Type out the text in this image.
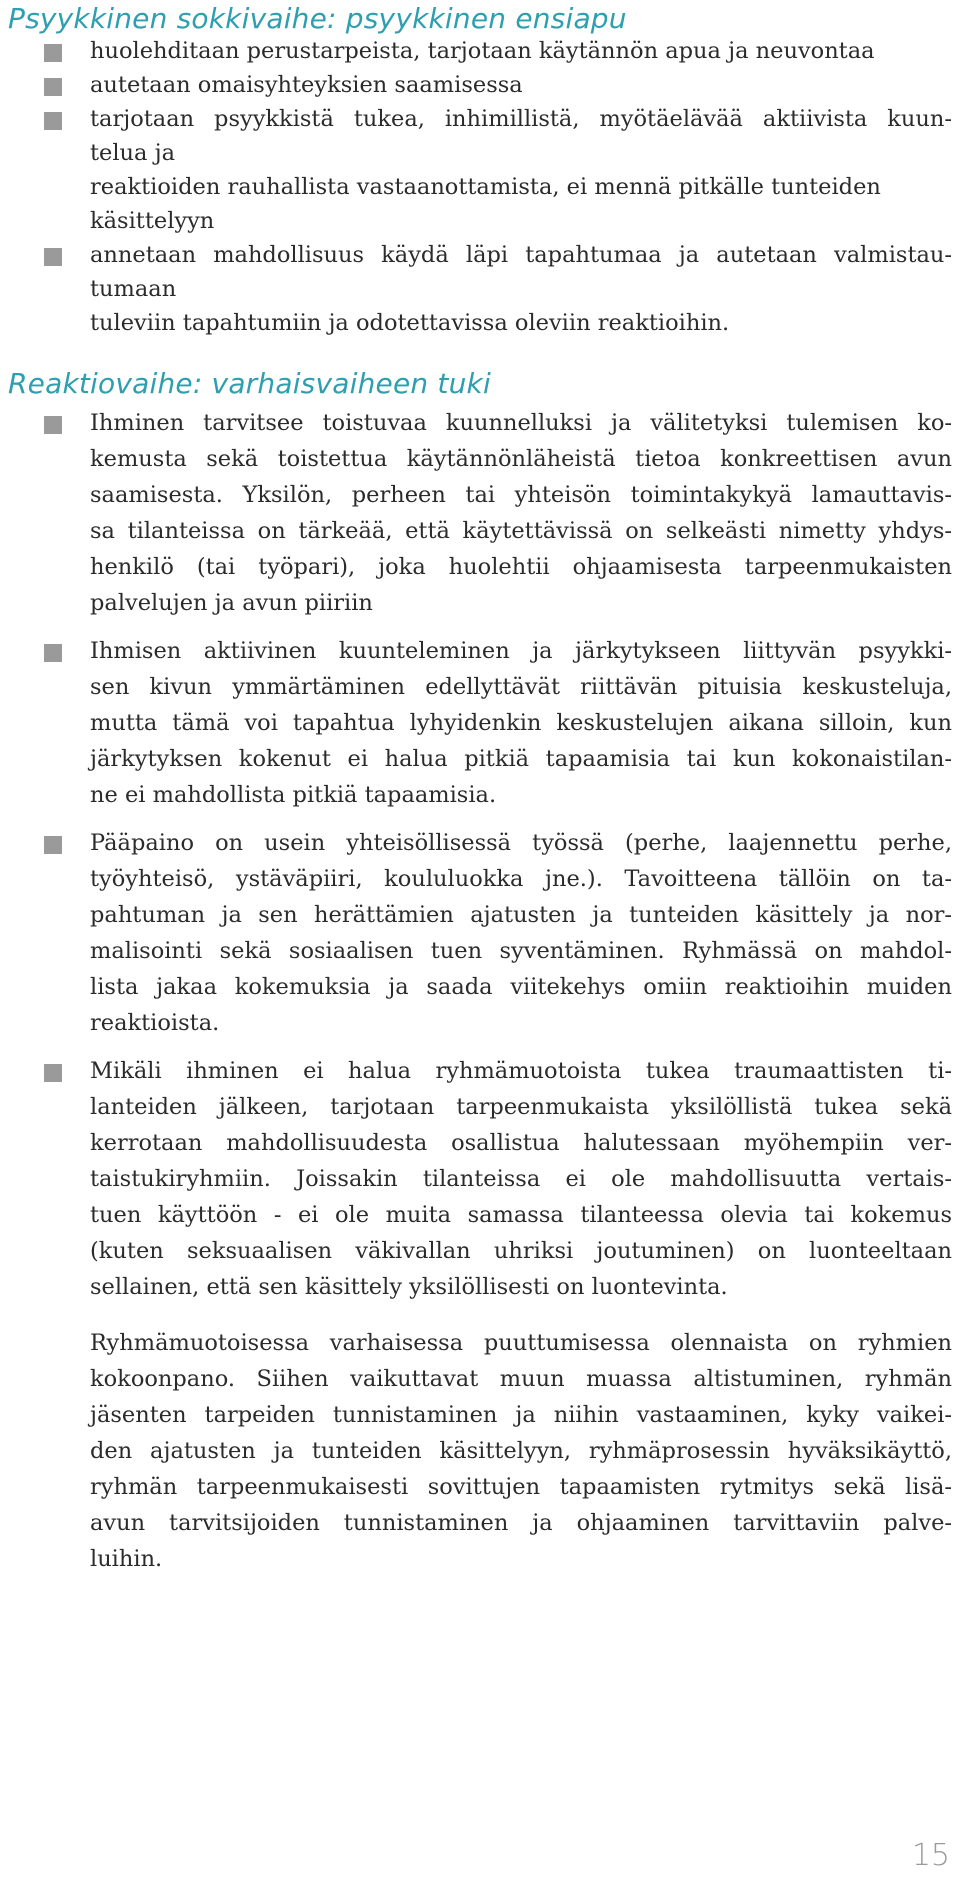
Psyykkinen sokkivaihe: psyykkinen ensiapu
huolehditaan perustarpeista, tarjotaan käytännön apua ja neuvontaa
autetaan omaisyhteyksien saamisessa
tarjotaan psyykkistä tukea, inhimillistä, myötäelävää aktiivista kuun-
telua ja
reaktioiden rauhallista vastaanottamista, ei mennä pitkälle tunteiden
käsittelyyn
annetaan mahdollisuus käydä läpi tapahtumaa ja autetaan valmistau-
tumaan
tuleviin tapahtumiin ja odotettavissa oleviin reaktioihin.
Reaktiovaihe: varhaisvaiheen tuki
Ihminen tarvitsee toistuvaa kuunnelluksi ja välitetyksi tulemisen ko-
kemusta sekä toistettua käytännönläheistä tietoa konkreettisen avun
saamisesta. Yksilön, perheen tai yhteisön toimintakykyä lamauttavis-
sa tilanteissa on tärkeää, että käytettävissä on selkeästi nimetty yhdys-
henkilö (tai työpari), joka huolehtii ohjaamisesta tarpeenmukaisten
palvelujen ja avun piiriin
Ihmisen aktiivinen kuunteleminen ja järkytykseen liittyvän psyykki-
sen kivun ymmärtäminen edellyttävät riittävän pituisia keskusteluja,
mutta tämä voi tapahtua lyhyidenkin keskustelujen aikana silloin, kun
järkytyksen kokenut ei halua pitkiä tapaamisia tai kun kokonaistilan-
ne ei mahdollista pitkiä tapaamisia.
Pääpaino on usein yhteisöllisessä työssä (perhe, laajennettu perhe,
työyhteisö, ystäväpiiri, koululuokka jne.). Tavoitteena tällöin on ta-
pahtuman ja sen herättämien ajatusten ja tunteiden käsittely ja nor-
malisointi sekä sosiaalisen tuen syventäminen. Ryhmässä on mahdol-
lista jakaa kokemuksia ja saada viitekehys omiin reaktioihin muiden
reaktioista.
Mikäli ihminen ei halua ryhmämuotoista tukea traumaattisten ti-
lanteiden jälkeen, tarjotaan tarpeenmukaista yksilöllistä tukea sekä
kerrotaan mahdollisuudesta osallistua halutessaan myöhempiin ver-
taistukiryhmiin. Joissakin tilanteissa ei ole mahdollisuutta vertais-
tuen käyttöön - ei ole muita samassa tilanteessa olevia tai kokemus
(kuten seksuaalisen väkivallan uhriksi joutuminen) on luonteeltaan
sellainen, että sen käsittely yksilöllisesti on luontevinta.
Ryhmämuotoisessa varhaisessa puuttumisessa olennaista on ryhmien
kokoonpano. Siihen vaikuttavat muun muassa altistuminen, ryhmän
jäsenten tarpeiden tunnistaminen ja niihin vastaaminen, kyky vaikei-
den ajatusten ja tunteiden käsittelyyn, ryhmäprosessin hyväksikäyttö,
ryhmän tarpeenmukaisesti sovittujen tapaamisten rytmitys sekä lisä-
avun tarvitsijoiden tunnistaminen ja ohjaaminen tarvittaviin palve-
luihin.
15
